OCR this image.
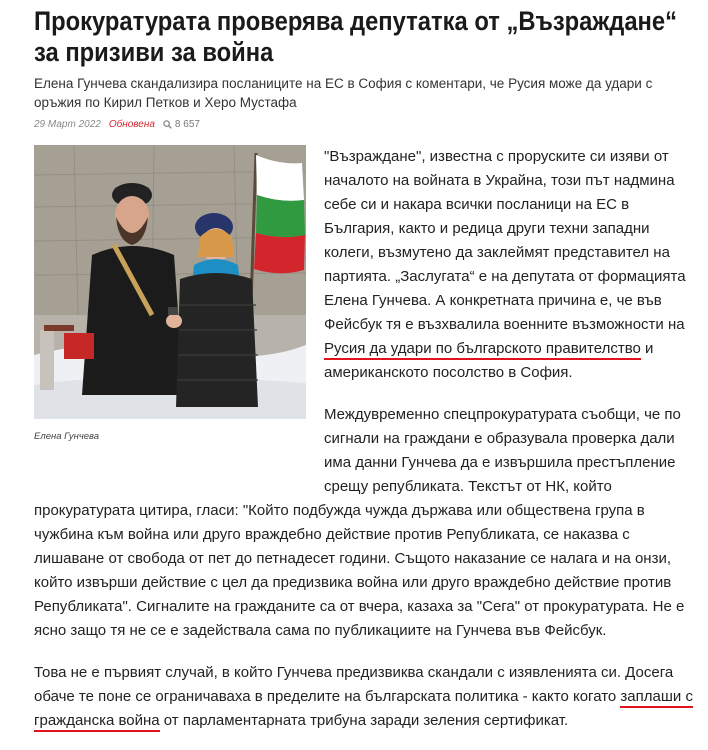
Прокуратурата проверява депутатка от „Възраждане“ за призиви за война
Елена Гунчева скандализира посланиците на ЕС в София с коментари, че Русия може да удари с оръжия по Кирил Петков и Херо Мустафа
29 Март 2022 Обновена 8 657
Елена Гунчева
"Възраждане", известна с проруските си изяви от началото на войната в Украйна, този път надмина себе си и накара всички посланици на ЕС в България, както и редица други техни западни колеги, възмутено да заклеймят представител на партията. „Заслугата“ е на депутата от формацията Елена Гунчева. А конкретната причина е, че във Фейсбук тя е възхвалила военните възможности на Русия да удари по българското правителство и американското посолство в София.
Междувременно спецпрокуратурата съобщи, че по сигнали на граждани е образувала проверка дали има данни Гунчева да е извършила престъпление срещу републиката. Текстът от НК, който
прокуратурата цитира, гласи: "Който подбужда чужда държава или обществена група в чужбина към война или друго враждебно действие против Републиката, се наказва с лишаване от свобода от пет до петнадесет години. Същото наказание се налага и на онзи, който извърши действие с цел да предизвика война или друго враждебно действие против Републиката". Сигналите на гражданите са от вчера, казаха за "Сега" от прокуратурата. Не е ясно защо тя не се е задействала сама по публикациите на Гунчева във Фейсбук.
Това не е първият случай, в който Гунчева предизвиква скандали с изявленията си. Досега обаче те поне се ограничаваха в пределите на българската политика - както когато заплаши с гражданска война от парламентарната трибуна заради зеления сертификат.
